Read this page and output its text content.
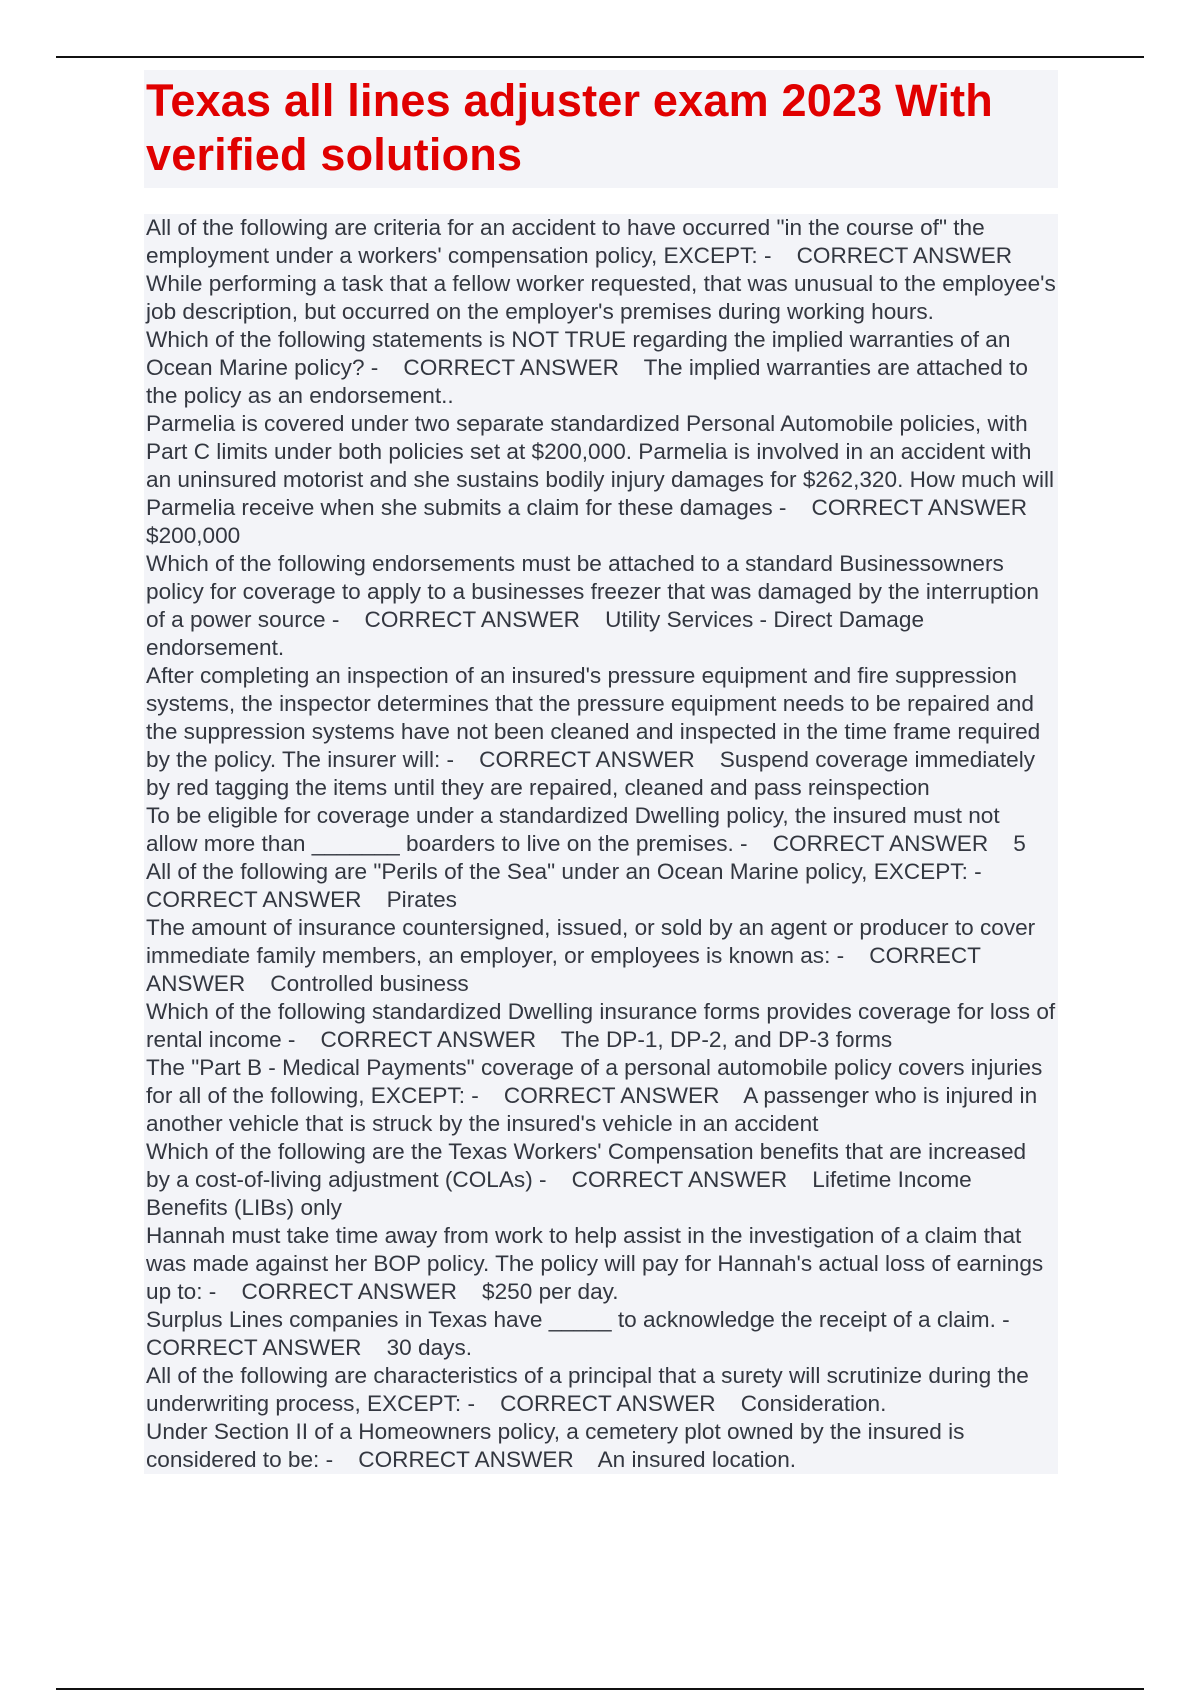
Texas all lines adjuster exam 2023 With verified solutions
All of the following are criteria for an accident to have occurred "in the course of" the employment under a workers' compensation policy, EXCEPT: -    CORRECT ANSWER    While performing a task that a fellow worker requested, that was unusual to the employee's job description, but occurred on the employer's premises during working hours.
Which of the following statements is NOT TRUE regarding the implied warranties of an Ocean Marine policy? -    CORRECT ANSWER    The implied warranties are attached to the policy as an endorsement..
Parmelia is covered under two separate standardized Personal Automobile policies, with Part C limits under both policies set at $200,000. Parmelia is involved in an accident with an uninsured motorist and she sustains bodily injury damages for $262,320. How much will Parmelia receive when she submits a claim for these damages -    CORRECT ANSWER    $200,000
Which of the following endorsements must be attached to a standard Businessowners policy for coverage to apply to a businesses freezer that was damaged by the interruption of a power source -    CORRECT ANSWER    Utility Services - Direct Damage endorsement.
After completing an inspection of an insured's pressure equipment and fire suppression systems, the inspector determines that the pressure equipment needs to be repaired and the suppression systems have not been cleaned and inspected in the time frame required by the policy. The insurer will: -    CORRECT ANSWER    Suspend coverage immediately by red tagging the items until they are repaired, cleaned and pass reinspection
To be eligible for coverage under a standardized Dwelling policy, the insured must not allow more than _______ boarders to live on the premises. -    CORRECT ANSWER    5
All of the following are "Perils of the Sea" under an Ocean Marine policy, EXCEPT: -    CORRECT ANSWER    Pirates
The amount of insurance countersigned, issued, or sold by an agent or producer to cover immediate family members, an employer, or employees is known as: -    CORRECT ANSWER    Controlled business
Which of the following standardized Dwelling insurance forms provides coverage for loss of rental income -    CORRECT ANSWER    The DP-1, DP-2, and DP-3 forms
The "Part B - Medical Payments" coverage of a personal automobile policy covers injuries for all of the following, EXCEPT: -    CORRECT ANSWER    A passenger who is injured in another vehicle that is struck by the insured's vehicle in an accident
Which of the following are the Texas Workers' Compensation benefits that are increased by a cost-of-living adjustment (COLAs) -    CORRECT ANSWER    Lifetime Income Benefits (LIBs) only
Hannah must take time away from work to help assist in the investigation of a claim that was made against her BOP policy. The policy will pay for Hannah's actual loss of earnings up to: -    CORRECT ANSWER    $250 per day.
Surplus Lines companies in Texas have _____ to acknowledge the receipt of a claim. -    CORRECT ANSWER    30 days.
All of the following are characteristics of a principal that a surety will scrutinize during the underwriting process, EXCEPT: -    CORRECT ANSWER    Consideration.
Under Section II of a Homeowners policy, a cemetery plot owned by the insured is considered to be: -    CORRECT ANSWER    An insured location.
